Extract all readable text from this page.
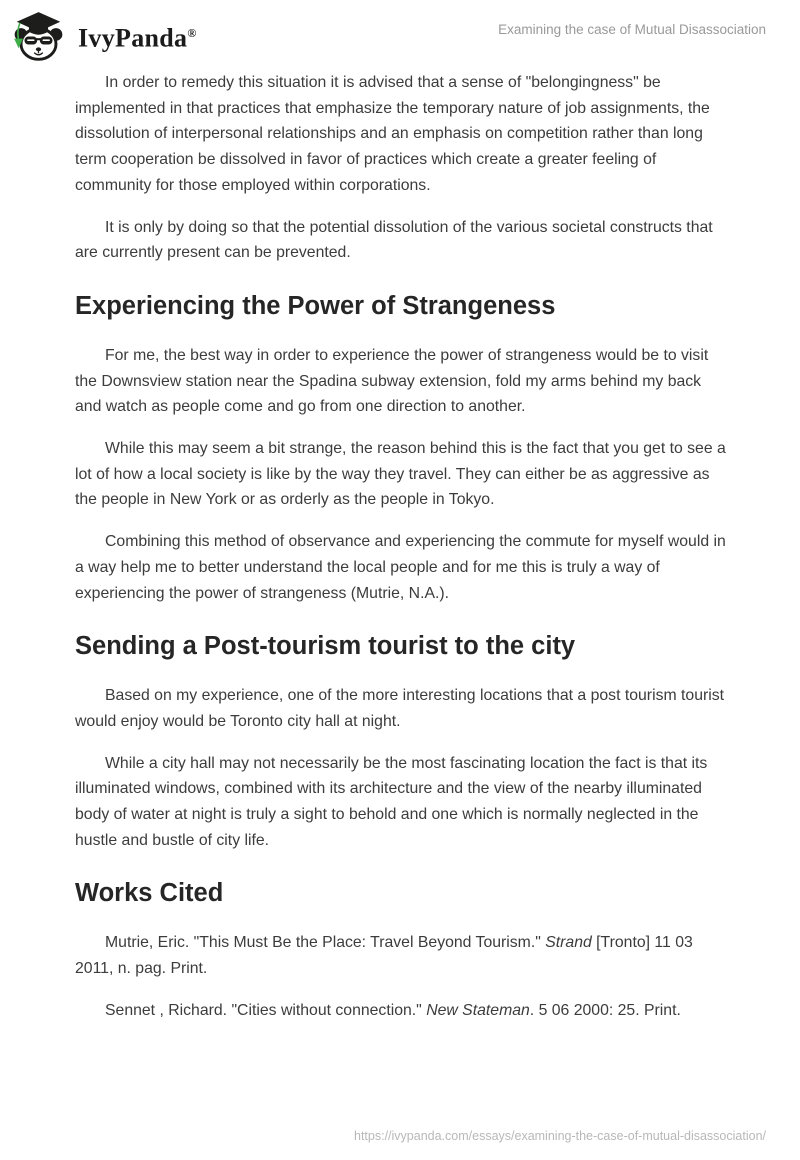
IvyPanda®	Examining the case of Mutual Disassociation

In order to remedy this situation it is advised that a sense of "belongingness" be implemented in that practices that emphasize the temporary nature of job assignments, the dissolution of interpersonal relationships and an emphasis on competition rather than long term cooperation be dissolved in favor of practices which create a greater feeling of community for those employed within corporations.

It is only by doing so that the potential dissolution of the various societal constructs that are currently present can be prevented.

Experiencing the Power of Strangeness

For me, the best way in order to experience the power of strangeness would be to visit the Downsview station near the Spadina subway extension, fold my arms behind my back and watch as people come and go from one direction to another.

While this may seem a bit strange, the reason behind this is the fact that you get to see a lot of how a local society is like by the way they travel. They can either be as aggressive as the people in New York or as orderly as the people in Tokyo.

Combining this method of observance and experiencing the commute for myself would in a way help me to better understand the local people and for me this is truly a way of experiencing the power of strangeness (Mutrie, N.A.).

Sending a Post-tourism tourist to the city

Based on my experience, one of the more interesting locations that a post tourism tourist would enjoy would be Toronto city hall at night.

While a city hall may not necessarily be the most fascinating location the fact is that its illuminated windows, combined with its architecture and the view of the nearby illuminated body of water at night is truly a sight to behold and one which is normally neglected in the hustle and bustle of city life.

Works Cited

Mutrie, Eric. "This Must Be the Place: Travel Beyond Tourism." Strand [Tronto] 11 03 2011, n. pag. Print.

Sennet , Richard. "Cities without connection." New Stateman. 5 06 2000: 25. Print.

https://ivypanda.com/essays/examining-the-case-of-mutual-disassociation/
